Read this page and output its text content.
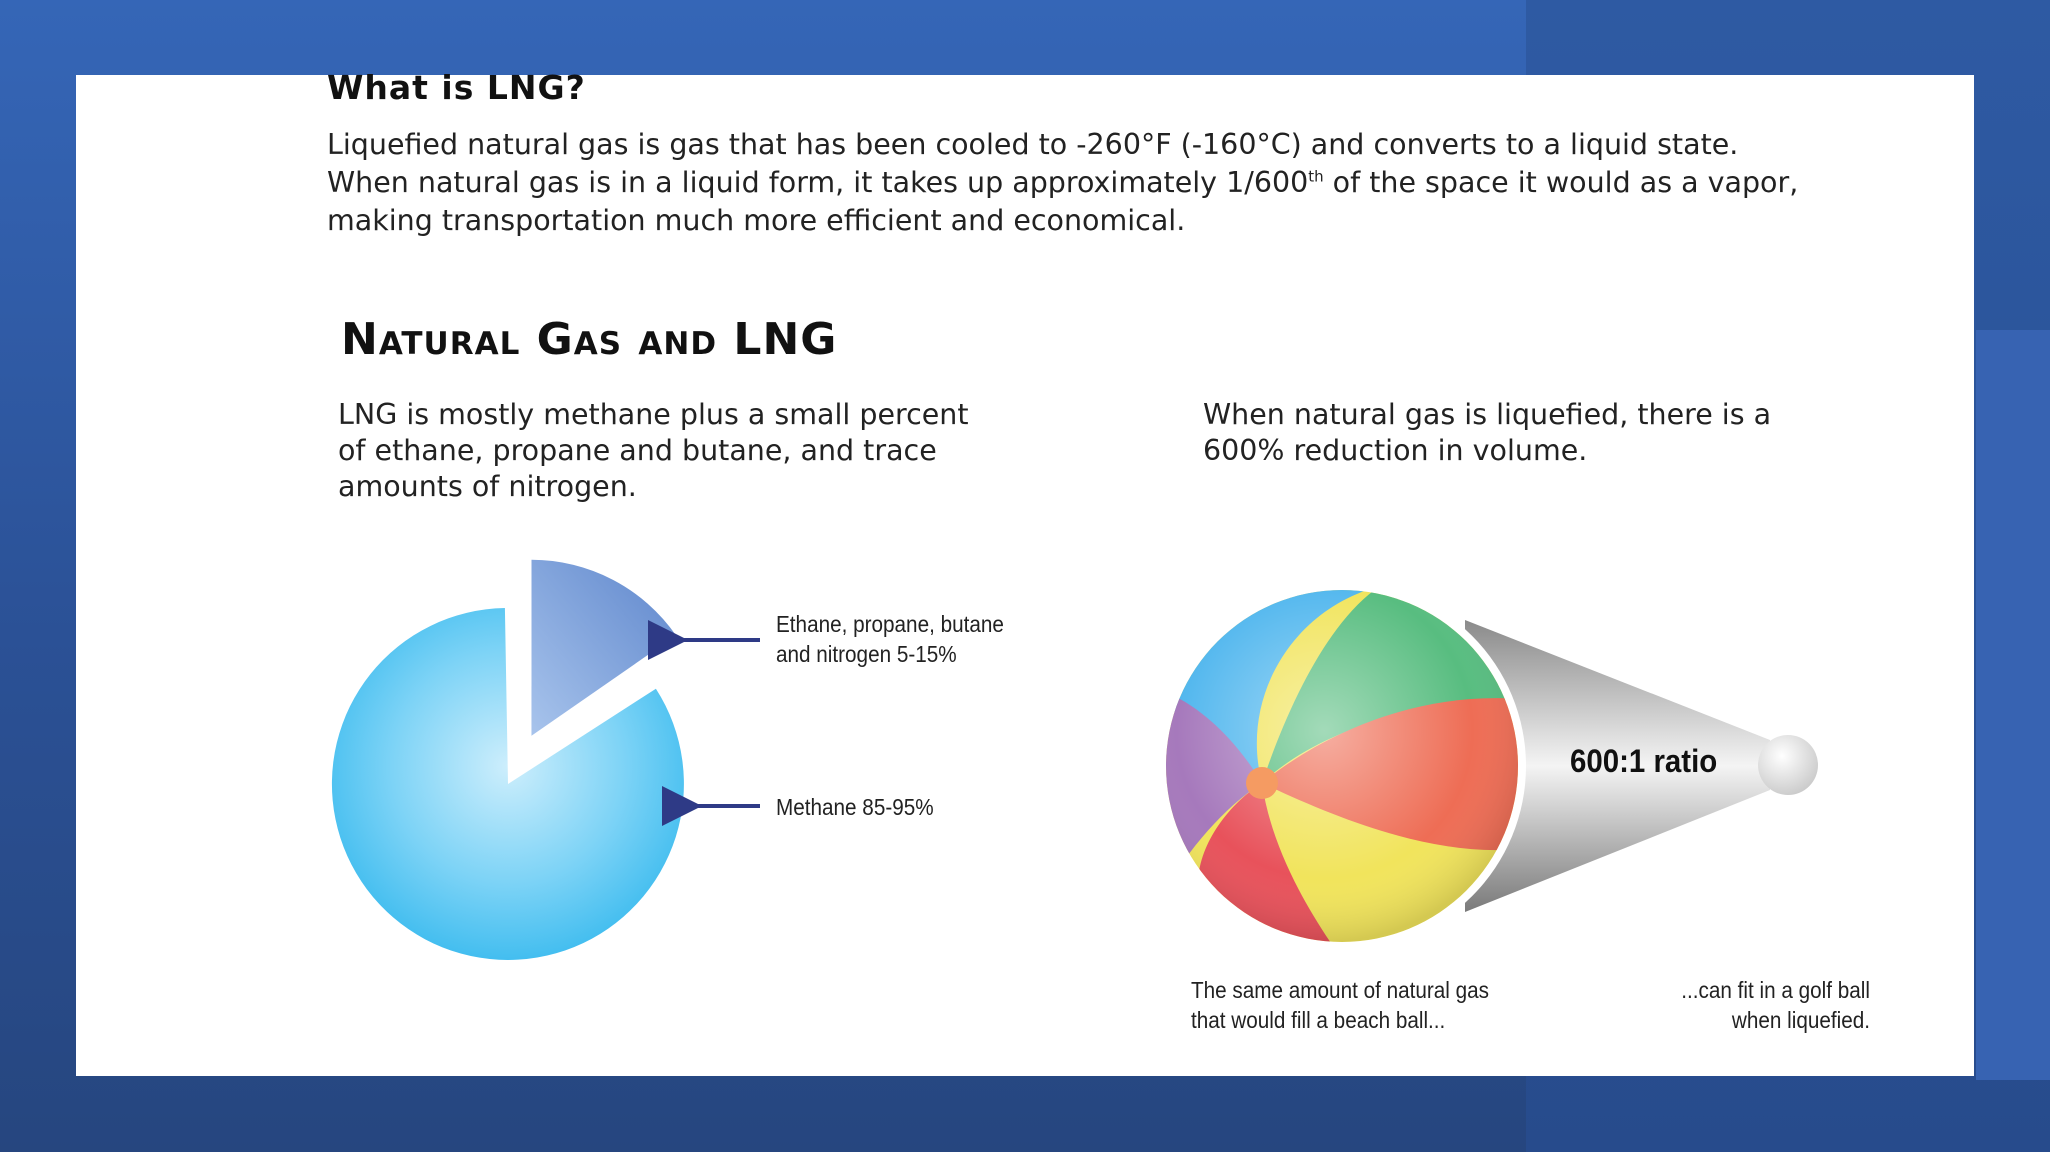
What is LNG?

Liquefied natural gas is gas that has been cooled to -260°F (-160°C) and converts to a liquid state. When natural gas is in a liquid form, it takes up approximately 1/600th of the space it would as a vapor, making transportation much more efficient and economical.

Natural Gas and LNG

LNG is mostly methane plus a small percent of ethane, propane and butane, and trace amounts of nitrogen.

When natural gas is liquefied, there is a 600% reduction in volume.

Ethane, propane, butane
and nitrogen 5-15%

Methane 85-95%

600:1 ratio

The same amount of natural gas
that would fill a beach ball...

...can fit in a golf ball
when liquefied.
